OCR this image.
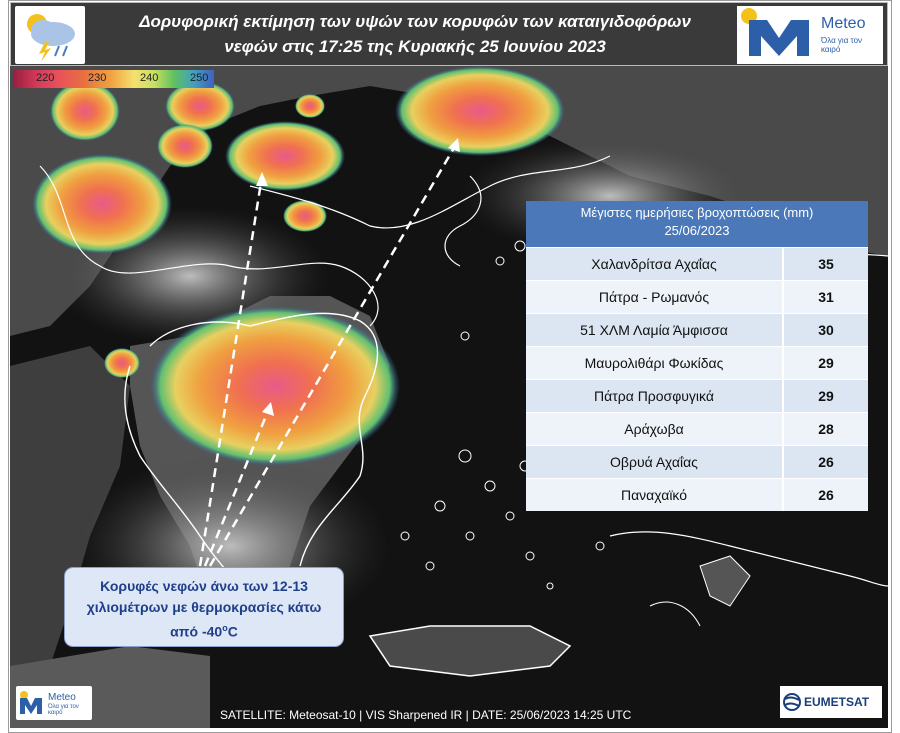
Δορυφορική εκτίμηση των υψών των κορυφών των καταιγιδοφόρων
νεφών στις 17:25 της Κυριακής 25 Ιουνίου 2023
Meteo
Όλα για τον καιρό
220	230	240	250
Κορυφές νεφών άνω των 12-13
χιλιομέτρων με θερμοκρασίες κάτω
από $-40^oC$
Meteo
Όλα για τον καιρό
EUMETSAT
SATELLITE: Meteosat-10 | VIS Sharpened IR | DATE: 25/06/2023 14:25 UTC
Μέγιστες ημερήσιες βροχοπτώσεις (mm)
25/06/2023
Χαλανδρίτσα Αχαΐας	35
Πάτρα - Ρωμανός	31
51 ΧΛΜ Λαμία Άμφισσα	30
Μαυρολιθάρι Φωκίδας	29
Πάτρα Προσφυγικά	29
Αράχωβα	28
Οβρυά Αχαΐας	26
Παναχαϊκό	26
